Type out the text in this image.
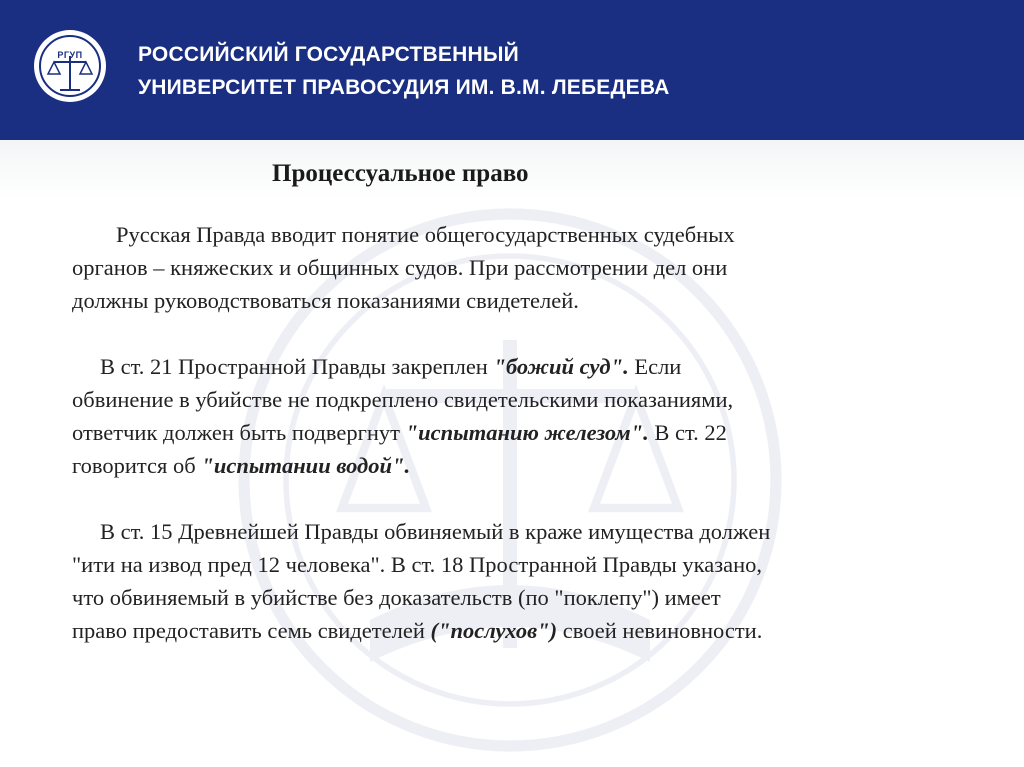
РГУП	РОССИЙСКИЙ ГОСУДАРСТВЕННЫЙ
УНИВЕРСИТЕТ ПРАВОСУДИЯ ИМ. В.М. ЛЕБЕДЕВА
Процессуальное право
Русская Правда вводит понятие общегосударственных судебных
органов – княжеских и общинных судов. При рассмотрении дел они
должны руководствоваться показаниями свидетелей.
В ст. 21 Пространной Правды закреплен "божий суд". Если
обвинение в убийстве не подкреплено свидетельскими показаниями,
ответчик должен быть подвергнут "испытанию железом". В ст. 22
говорится об "испытании водой".
В ст. 15 Древнейшей Правды обвиняемый в краже имущества должен
"ити на извод пред 12 человека". В ст. 18 Пространной Правды указано,
что обвиняемый в убийстве без доказательств (по "поклепу") имеет
право предоставить семь свидетелей ("послухов") своей невиновности.
